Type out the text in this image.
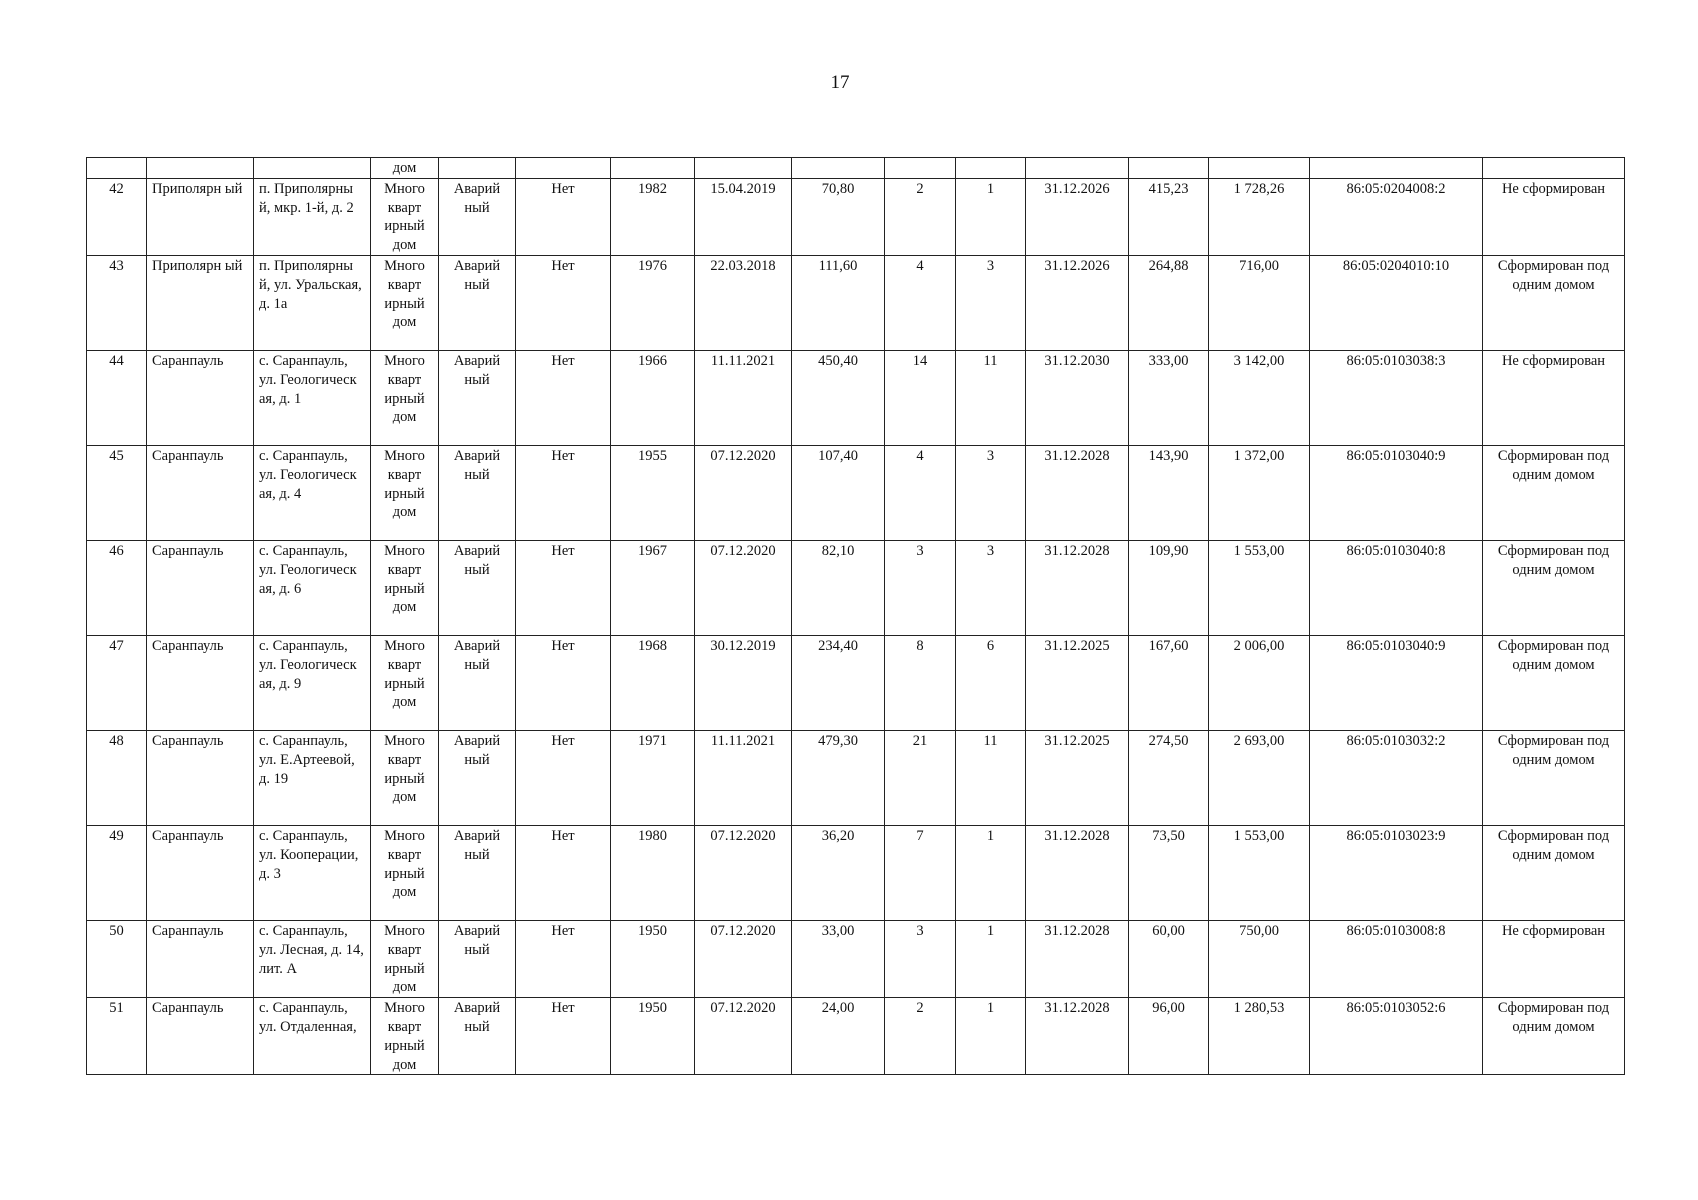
17
			дом												
42	Приполярн ый	п. Приполярны й, мкр. 1-й, д. 2	Много кварт ирный дом	Аварий ный	Нет	1982	15.04.2019	70,80	2	1	31.12.2026	415,23	1 728,26	86:05:0204008:2	Не сформирован
43	Приполярн ый	п. Приполярны й, ул. Уральская, д. 1а	Много кварт ирный дом	Аварий ный	Нет	1976	22.03.2018	111,60	4	3	31.12.2026	264,88	716,00	86:05:0204010:10	Сформирован под одним домом
44	Саранпауль	с. Саранпауль, ул. Геологическ ая, д. 1	Много кварт ирный дом	Аварий ный	Нет	1966	11.11.2021	450,40	14	11	31.12.2030	333,00	3 142,00	86:05:0103038:3	Не сформирован
45	Саранпауль	с. Саранпауль, ул. Геологическ ая, д. 4	Много кварт ирный дом	Аварий ный	Нет	1955	07.12.2020	107,40	4	3	31.12.2028	143,90	1 372,00	86:05:0103040:9	Сформирован под одним домом
46	Саранпауль	с. Саранпауль, ул. Геологическ ая, д. 6	Много кварт ирный дом	Аварий ный	Нет	1967	07.12.2020	82,10	3	3	31.12.2028	109,90	1 553,00	86:05:0103040:8	Сформирован под одним домом
47	Саранпауль	с. Саранпауль, ул. Геологическ ая, д. 9	Много кварт ирный дом	Аварий ный	Нет	1968	30.12.2019	234,40	8	6	31.12.2025	167,60	2 006,00	86:05:0103040:9	Сформирован под одним домом
48	Саранпауль	с. Саранпауль, ул. Е.Артеевой, д. 19	Много кварт ирный дом	Аварий ный	Нет	1971	11.11.2021	479,30	21	11	31.12.2025	274,50	2 693,00	86:05:0103032:2	Сформирован под одним домом
49	Саранпауль	с. Саранпауль, ул. Кооперации, д. 3	Много кварт ирный дом	Аварий ный	Нет	1980	07.12.2020	36,20	7	1	31.12.2028	73,50	1 553,00	86:05:0103023:9	Сформирован под одним домом
50	Саранпауль	с. Саранпауль, ул. Лесная, д. 14, лит. А	Много кварт ирный дом	Аварий ный	Нет	1950	07.12.2020	33,00	3	1	31.12.2028	60,00	750,00	86:05:0103008:8	Не сформирован
51	Саранпауль	с. Саранпауль, ул. Отдаленная,	Много кварт ирный дом	Аварий ный	Нет	1950	07.12.2020	24,00	2	1	31.12.2028	96,00	1 280,53	86:05:0103052:6	Сформирован под одним домом
